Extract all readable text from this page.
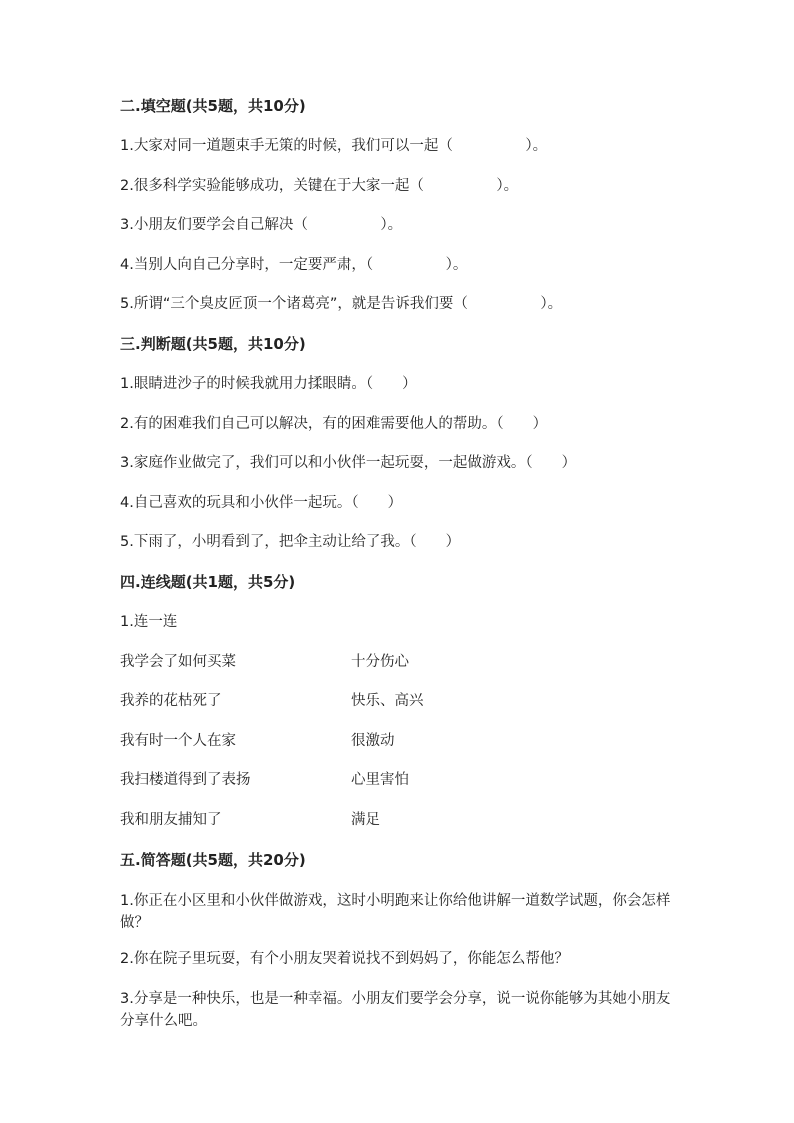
二.填空题(共5题，共10分)
1.大家对同一道题束手无策的时候，我们可以一起（　　　　　）。
2.很多科学实验能够成功，关键在于大家一起（　　　　　）。
3.小朋友们要学会自己解决（　　　　　）。
4.当别人向自己分享时，一定要严肃，（　　　　　）。
5.所谓“三个臭皮匠顶一个诸葛亮”，就是告诉我们要（　　　　　）。
三.判断题(共5题，共10分)
1.眼睛进沙子的时候我就用力揉眼睛。（　　）
2.有的困难我们自己可以解决，有的困难需要他人的帮助。（　　）
3.家庭作业做完了，我们可以和小伙伴一起玩耍，一起做游戏。（　　）
4.自己喜欢的玩具和小伙伴一起玩。（　　）
5.下雨了，小明看到了，把伞主动让给了我。（　　）
四.连线题(共1题，共5分)
1.连一连
我学会了如何买菜	十分伤心
我养的花枯死了	快乐、高兴
我有时一个人在家	很激动
我扫楼道得到了表扬	心里害怕
我和朋友捕知了	满足
五.简答题(共5题，共20分)
1.你正在小区里和小伙伴做游戏，这时小明跑来让你给他讲解一道数学试题，你会怎样做？
2.你在院子里玩耍，有个小朋友哭着说找不到妈妈了，你能怎么帮他？
3.分享是一种快乐，也是一种幸福。小朋友们要学会分享，说一说你能够为其她小朋友分享什么吧。
